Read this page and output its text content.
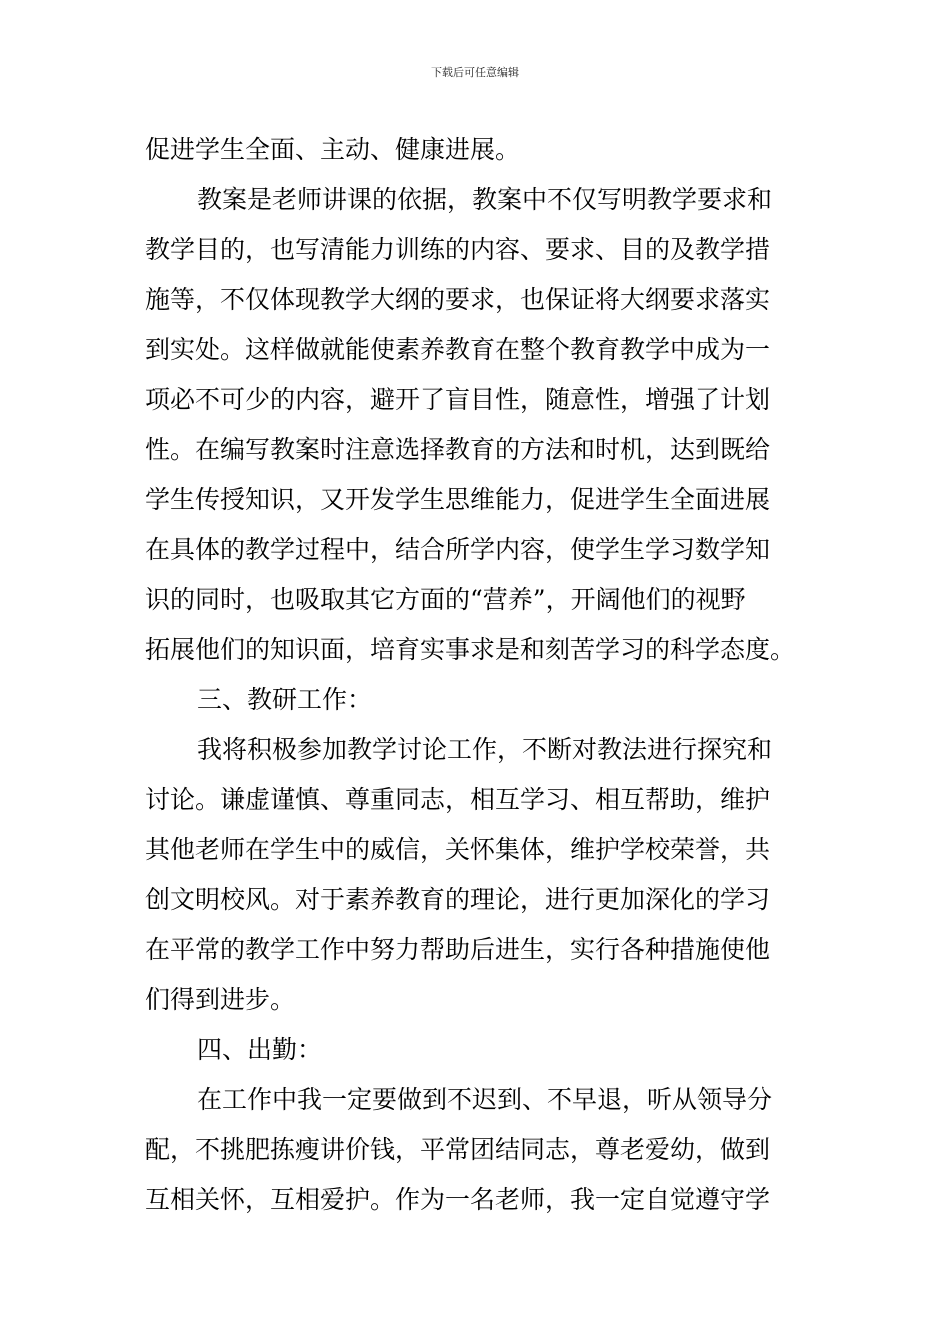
下载后可任意编辑
促进学生全面、主动、健康进展。
教案是老师讲课的依据，教案中不仅写明教学要求和
教学目的，也写清能力训练的内容、要求、目的及教学措
施等，不仅体现教学大纲的要求，也保证将大纲要求落实
到实处。这样做就能使素养教育在整个教育教学中成为一
项必不可少的内容，避开了盲目性，随意性，增强了计划
性。在编写教案时注意选择教育的方法和时机，达到既给
学生传授知识，又开发学生思维能力，促进学生全面进展
在具体的教学过程中，结合所学内容，使学生学习数学知
识的同时，也吸取其它方面的“营养”，开阔他们的视野
拓展他们的知识面，培育实事求是和刻苦学习的科学态度。
三、教研工作：
我将积极参加教学讨论工作，不断对教法进行探究和
讨论。谦虚谨慎、尊重同志，相互学习、相互帮助，维护
其他老师在学生中的威信，关怀集体，维护学校荣誉，共
创文明校风。对于素养教育的理论，进行更加深化的学习
在平常的教学工作中努力帮助后进生，实行各种措施使他
们得到进步。
四、出勤：
在工作中我一定要做到不迟到、不早退，听从领导分
配，不挑肥拣瘦讲价钱，平常团结同志，尊老爱幼，做到
互相关怀，互相爱护。作为一名老师，我一定自觉遵守学
